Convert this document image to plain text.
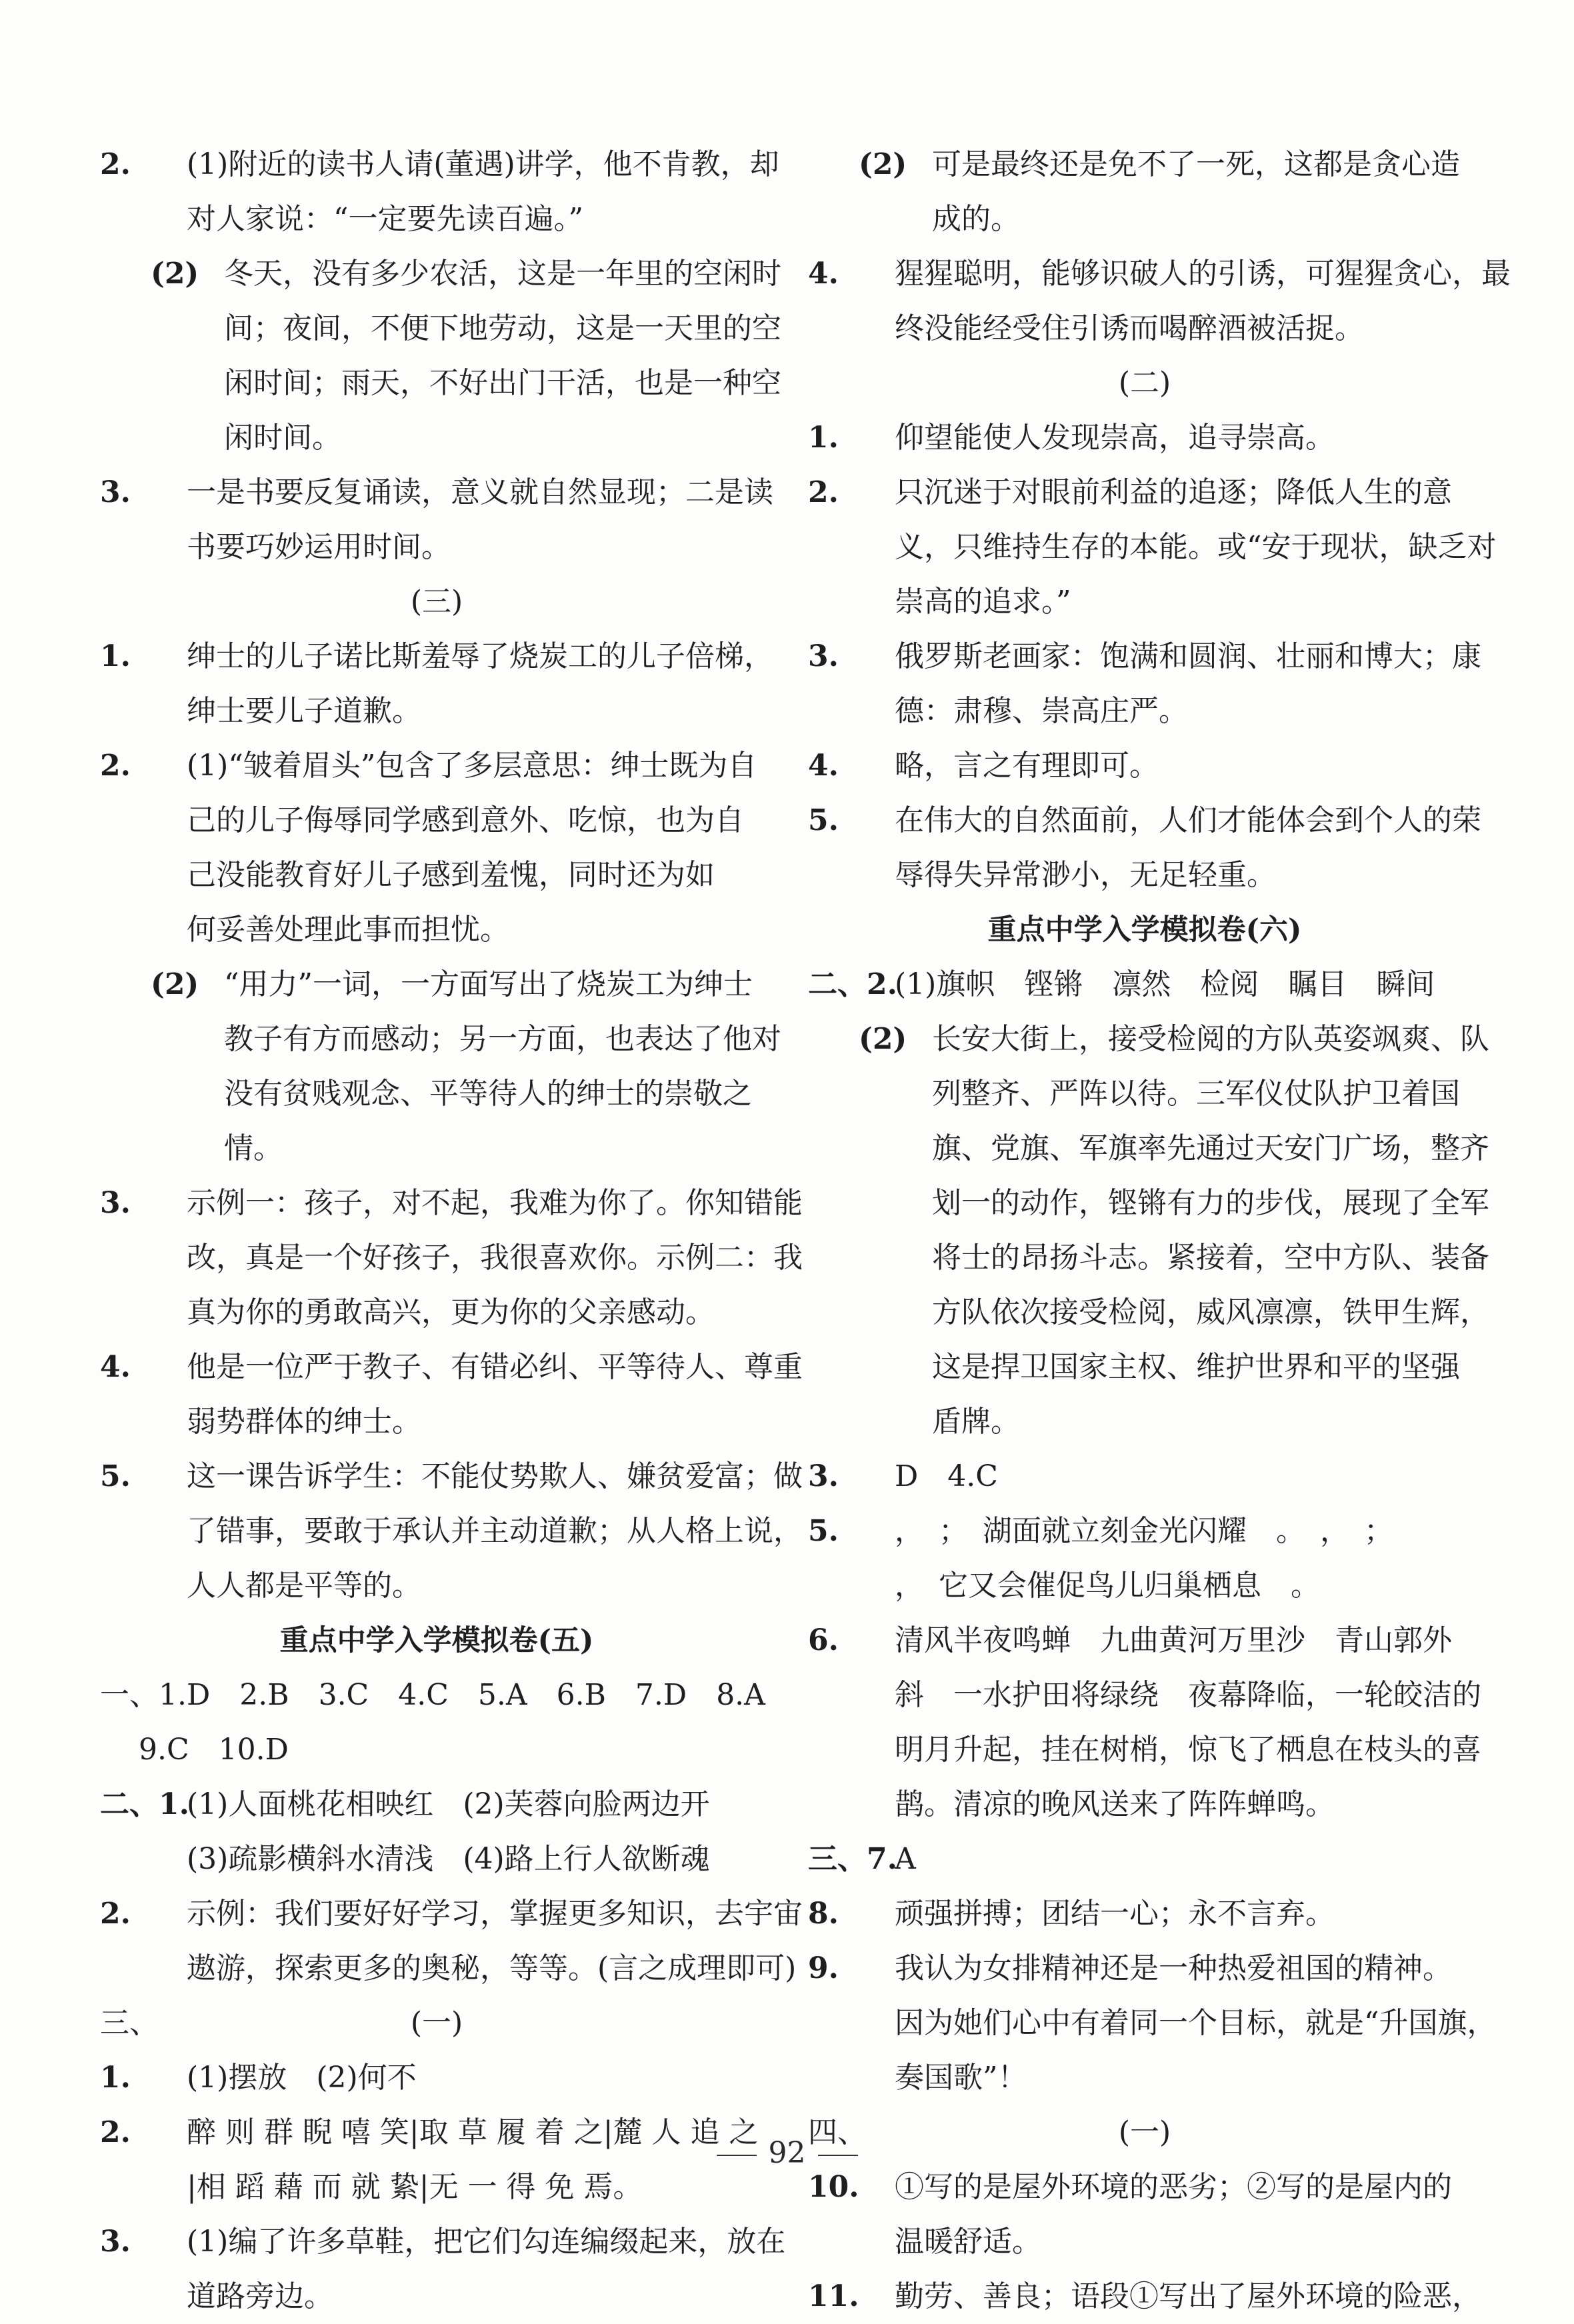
2.	(1)附近的读书人请(董遇)讲学，他不肯教，却
对人家说：“一定要先读百遍。”
(2) 冬天，没有多少农活，这是一年里的空闲时
间；夜间，不便下地劳动，这是一天里的空
闲时间；雨天，不好出门干活，也是一种空
闲时间。
3.	一是书要反复诵读，意义就自然显现；二是读
书要巧妙运用时间。
(三)
1.	绅士的儿子诺比斯羞辱了烧炭工的儿子倍梯，
绅士要儿子道歉。
2.	(1)“皱着眉头”包含了多层意思：绅士既为自
己的儿子侮辱同学感到意外、吃惊，也为自
己没能教育好儿子感到羞愧，同时还为如
何妥善处理此事而担忧。
(2) “用力”一词，一方面写出了烧炭工为绅士
教子有方而感动；另一方面，也表达了他对
没有贫贱观念、平等待人的绅士的崇敬之
情。
3.	示例一：孩子，对不起，我难为你了。你知错能
改，真是一个好孩子，我很喜欢你。示例二：我
真为你的勇敢高兴，更为你的父亲感动。
4.	他是一位严于教子、有错必纠、平等待人、尊重
弱势群体的绅士。
5.	这一课告诉学生：不能仗势欺人、嫌贫爱富；做
了错事，要敢于承认并主动道歉；从人格上说，
人人都是平等的。
重点中学入学模拟卷(五)
一、1.D　2.B　3.C　4.C　5.A　6.B　7.D　8.A
　 9.C　10.D
二、1.
(1)人面桃花相映红　(2)芙蓉向脸两边开
(3)疏影横斜水清浅　(4)路上行人欲断魂
2.	示例：我们要好好学习，掌握更多知识，去宇宙
遨游，探索更多的奥秘，等等。(言之成理即可)
三、	(一)
1.	(1)摆放　(2)何不
2.	醉 则 群 睨 嘻 笑|取 草 履 着 之|麓 人 追 之
|相 蹈 藉 而 就 絷|无 一 得 免 焉。
3.	(1)编了许多草鞋，把它们勾连编缀起来，放在
道路旁边。
(2) 可是最终还是免不了一死，这都是贪心造
成的。
4.	猩猩聪明，能够识破人的引诱，可猩猩贪心，最
终没能经受住引诱而喝醉酒被活捉。
(二)
1.	仰望能使人发现崇高，追寻崇高。
2.	只沉迷于对眼前利益的追逐；降低人生的意
义，只维持生存的本能。或“安于现状，缺乏对
崇高的追求。”
3.	俄罗斯老画家：饱满和圆润、壮丽和博大；康
德：肃穆、崇高庄严。
4.	略，言之有理即可。
5.	在伟大的自然面前，人们才能体会到个人的荣
辱得失异常渺小，无足轻重。
重点中学入学模拟卷(六)
二、2.
(1)旗帜　铿锵　凛然　检阅　瞩目　瞬间
(2) 长安大街上，接受检阅的方队英姿飒爽、队
列整齐、严阵以待。三军仪仗队护卫着国
旗、党旗、军旗率先通过天安门广场，整齐
划一的动作，铿锵有力的步伐，展现了全军
将士的昂扬斗志。紧接着，空中方队、装备
方队依次接受检阅，威风凛凛，铁甲生辉，
这是捍卫国家主权、维护世界和平的坚强
盾牌。
3.	D　4.C
5.	，　；　湖面就立刻金光闪耀　。　，　；
，　它又会催促鸟儿归巢栖息　。
6.	清风半夜鸣蝉　九曲黄河万里沙　青山郭外
斜　一水护田将绿绕　夜幕降临，一轮皎洁的
明月升起，挂在树梢，惊飞了栖息在枝头的喜
鹊。清凉的晚风送来了阵阵蝉鸣。
三、7.
A
8.	顽强拼搏；团结一心；永不言弃。
9.	我认为女排精神还是一种热爱祖国的精神。
因为她们心中有着同一个目标，就是“升国旗，
奏国歌”！
四、	(一)
10.	①写的是屋外环境的恶劣；②写的是屋内的
温暖舒适。
11.	勤劳、善良；语段①写出了屋外环境的险恶，
92
